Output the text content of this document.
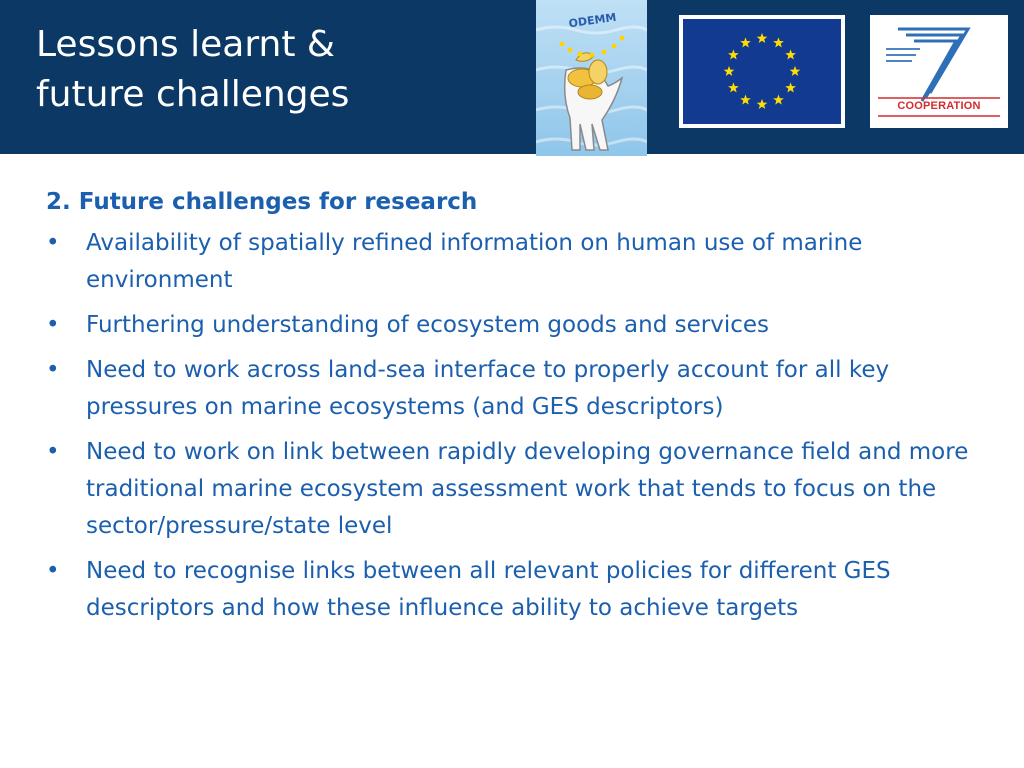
Lessons learnt &
future challenges
ODEMM
COOPERATION
2. Future challenges for research
• Availability of spatially refined information on human use of marine environment
• Furthering understanding of ecosystem goods and services
• Need to work across land-sea interface to properly account for all key pressures on marine ecosystems (and GES descriptors)
• Need to work on link between rapidly developing governance field and more traditional marine ecosystem assessment work that tends to focus on the sector/pressure/state level
• Need to recognise links between all relevant policies for different GES descriptors and how these influence ability to achieve targets
